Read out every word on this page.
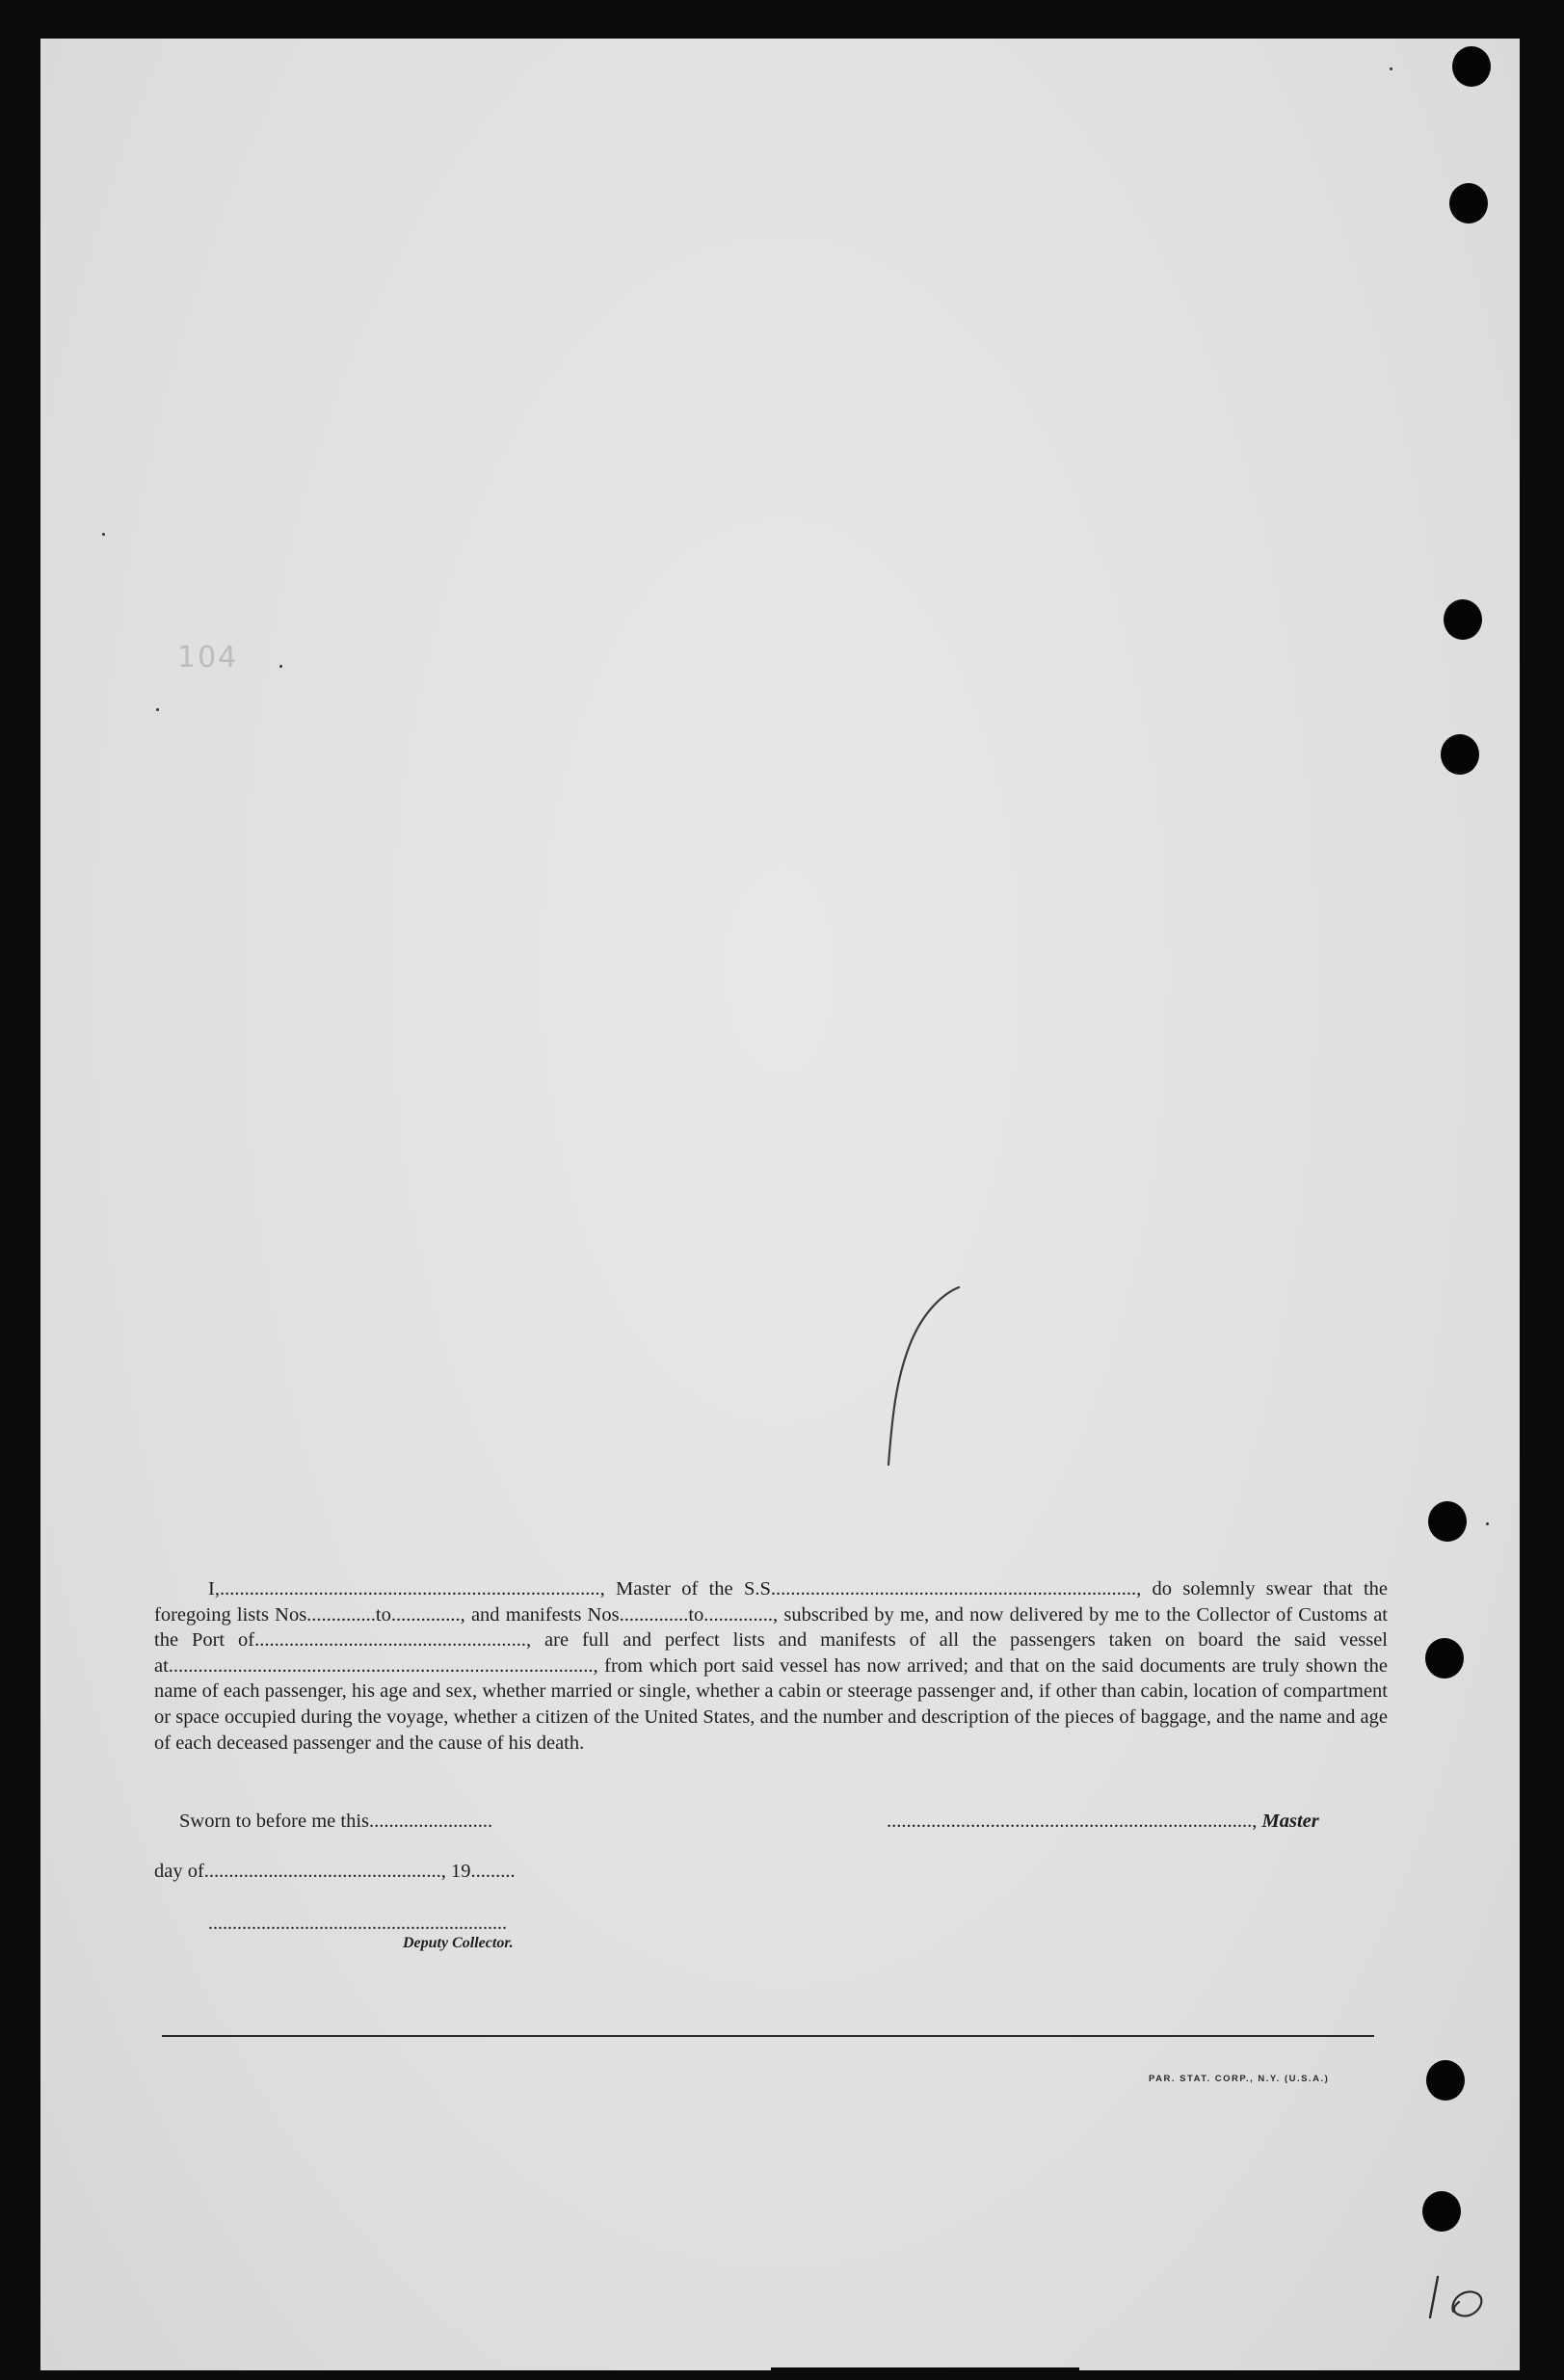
104

I,............................................................................., Master of the S.S.........................................................................., do solemnly swear that the foregoing lists Nos..............to.............., and manifests Nos..............to.............., subscribed by me, and now delivered by me to the Collector of Customs at the Port of......................................................., are full and perfect lists and manifests of all the passengers taken on board the said vessel at......................................................................................, from which port said vessel has now arrived; and that on the said documents are truly shown the name of each passenger, his age and sex, whether married or single, whether a cabin or steerage passenger and, if other than cabin, location of compartment or space occupied during the voyage, whether a citizen of the United States, and the number and description of the pieces of baggage, and the name and age of each deceased passenger and the cause of his death.

Sworn to before me this.........................	.........................................................................., Master
day of................................................, 19.........
..............................................................
Deputy Collector.
PAR. STAT. CORP., N.Y. (U.S.A.)
